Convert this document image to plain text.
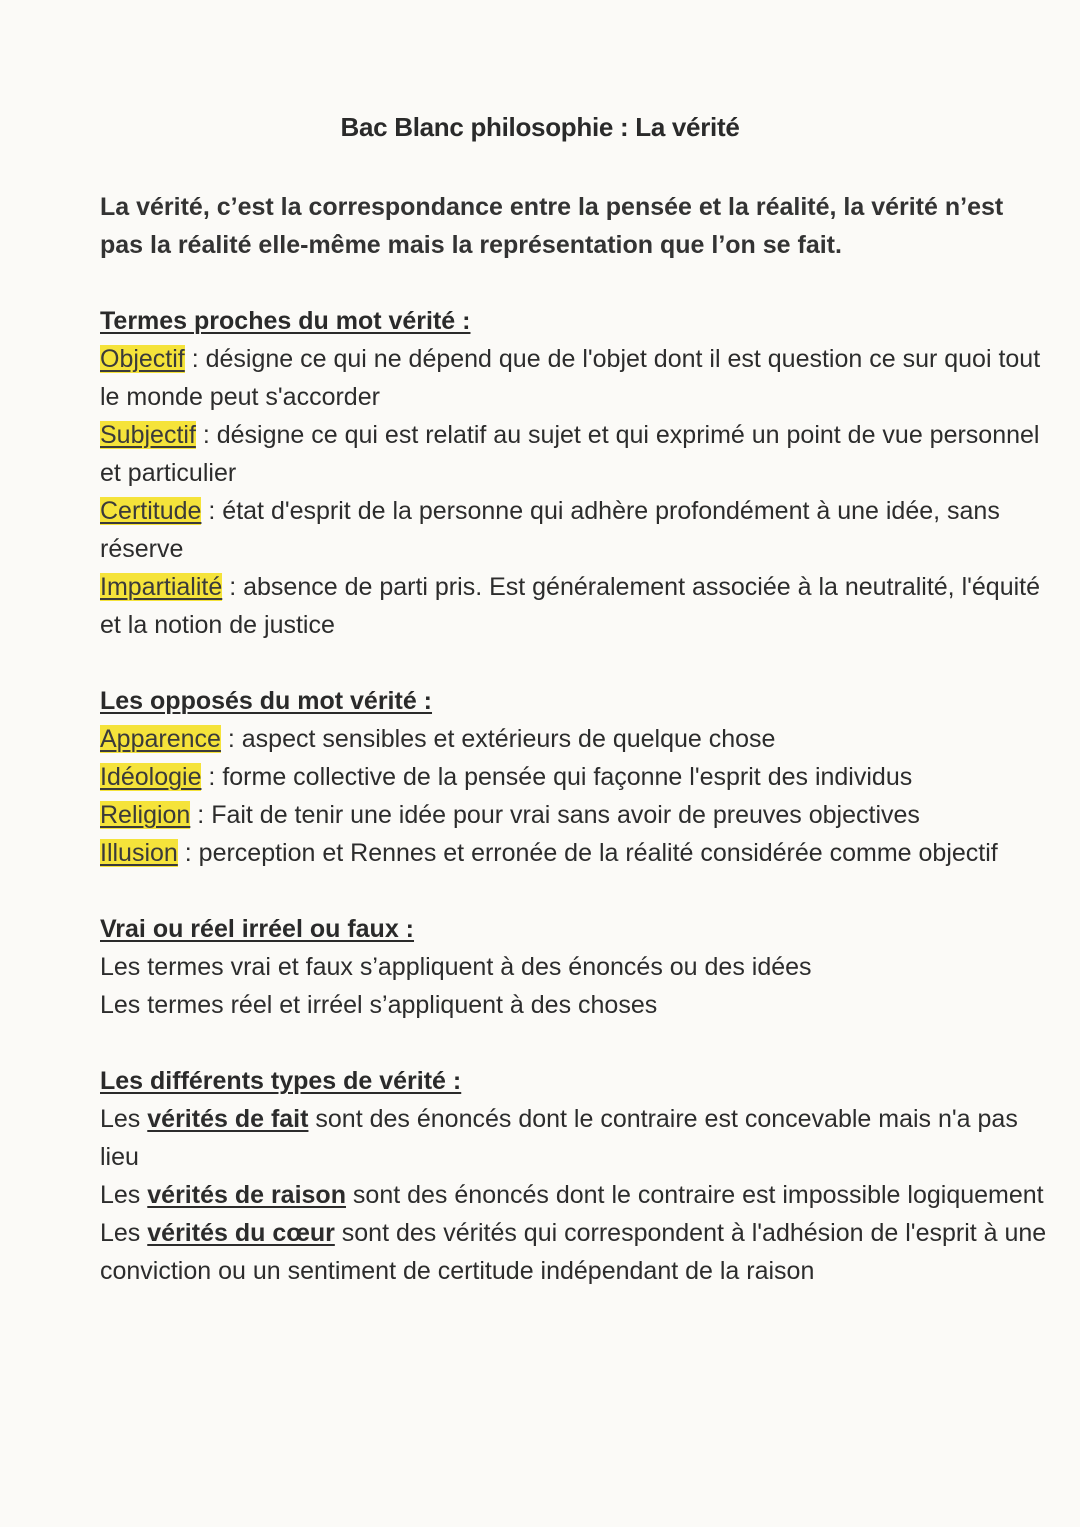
Bac Blanc philosophie : La vérité

La vérité, c’est la correspondance entre la pensée et la réalité, la vérité n’est pas la réalité elle-même mais la représentation que l’on se fait.

Termes proches du mot vérité :

Objectif : désigne ce qui ne dépend que de l'objet dont il est question ce sur quoi tout le monde peut s'accorder

Subjectif : désigne ce qui est relatif au sujet et qui exprimé un point de vue personnel et particulier

Certitude : état d'esprit de la personne qui adhère profondément à une idée, sans réserve

Impartialité : absence de parti pris. Est généralement associée à la neutralité, l'équité et la notion de justice

Les opposés du mot vérité :

Apparence : aspect sensibles et extérieurs de quelque chose

Idéologie : forme collective de la pensée qui façonne l'esprit des individus

Religion : Fait de tenir une idée pour vrai sans avoir de preuves objectives

Illusion : perception et Rennes et erronée de la réalité considérée comme objectif

Vrai ou réel irréel ou faux :

Les termes vrai et faux s’appliquent à des énoncés ou des idées

Les termes réel et irréel s’appliquent à des choses

Les différents types de vérité :

Les vérités de fait sont des énoncés dont le contraire est concevable mais n'a pas lieu

Les vérités de raison sont des énoncés dont le contraire est impossible logiquement

Les vérités du cœur sont des vérités qui correspondent à l'adhésion de l'esprit à une conviction ou un sentiment de certitude indépendant de la raison
